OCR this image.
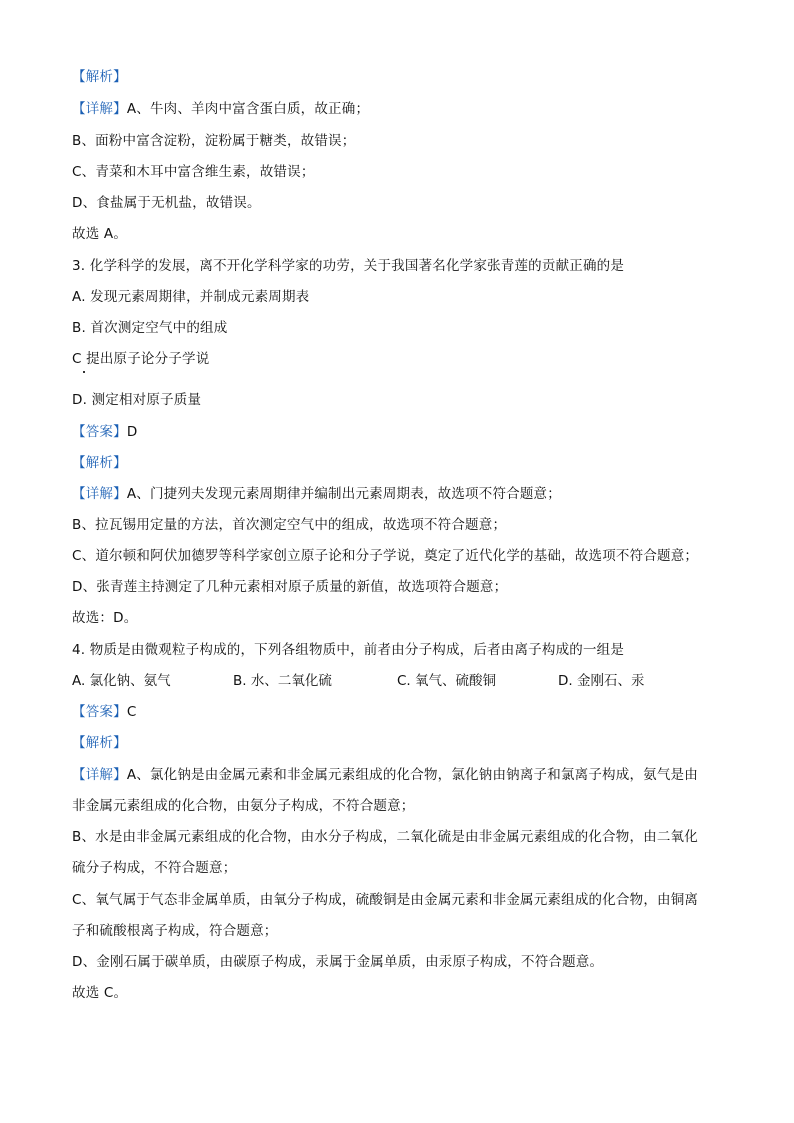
【解析】
【详解】A、牛肉、羊肉中富含蛋白质，故正确；
B、面粉中富含淀粉，淀粉属于糖类，故错误；
C、青菜和木耳中富含维生素，故错误；
D、食盐属于无机盐，故错误。
故选 A。
3. 化学科学的发展，离不开化学科学家的功劳，关于我国著名化学家张青莲的贡献正确的是
A. 发现元素周期律，并制成元素周期表
B. 首次测定空气中的组成
C 提出原子论分子学说
D. 测定相对原子质量
【答案】D
【解析】
【详解】A、门捷列夫发现元素周期律并编制出元素周期表，故选项不符合题意；
B、拉瓦锡用定量的方法，首次测定空气中的组成，故选项不符合题意；
C、道尔顿和阿伏加德罗等科学家创立原子论和分子学说，奠定了近代化学的基础，故选项不符合题意；
D、张青莲主持测定了几种元素相对原子质量的新值，故选项符合题意；
故选：D。
4. 物质是由微观粒子构成的，下列各组物质中，前者由分子构成，后者由离子构成的一组是
A. 氯化钠、氨气	B. 水、二氧化硫	C. 氧气、硫酸铜	D. 金刚石、汞
【答案】C
【解析】
【详解】A、氯化钠是由金属元素和非金属元素组成的化合物，氯化钠由钠离子和氯离子构成，氨气是由
非金属元素组成的化合物，由氨分子构成，不符合题意；
B、水是由非金属元素组成的化合物，由水分子构成，二氧化硫是由非金属元素组成的化合物，由二氧化
硫分子构成，不符合题意；
C、氧气属于气态非金属单质，由氧分子构成，硫酸铜是由金属元素和非金属元素组成的化合物，由铜离
子和硫酸根离子构成，符合题意；
D、金刚石属于碳单质，由碳原子构成，汞属于金属单质，由汞原子构成，不符合题意。
故选 C。
